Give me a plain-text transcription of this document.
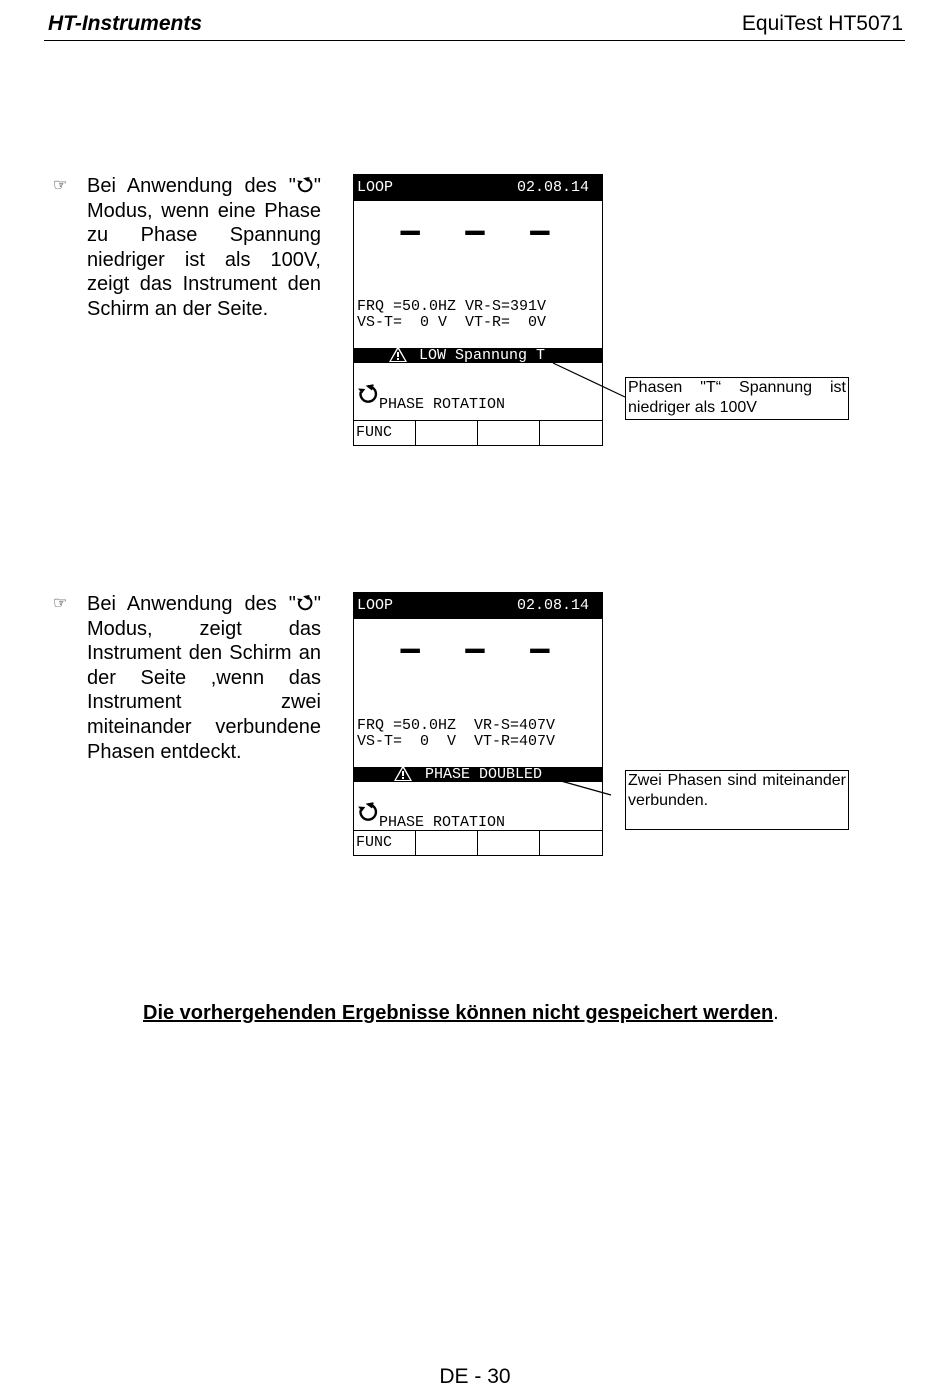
HT-Instruments	EquiTest HT5071
☞ Bei Anwendung des " " Modus, wenn eine Phase zu Phase Spannung niedriger ist als 100V, zeigt das Instrument den Schirm an der Seite.
LOOP	02.08.14
– – –
FRQ =50.0HZ VR-S=391V
VS-T=  0 V  VT-R=  0V
LOW Spannung T
PHASE ROTATION
FUNC
Phasen "T“ Spannung ist niedriger als 100V
☞ Bei Anwendung des " " Modus, zeigt das Instrument den Schirm an der Seite ,wenn das Instrument zwei miteinander verbundene Phasen entdeckt.
LOOP	02.08.14
– – –
FRQ =50.0HZ  VR-S=407V
VS-T=  0  V  VT-R=407V
PHASE DOUBLED
PHASE ROTATION
FUNC
Zwei Phasen sind miteinander verbunden.
Die vorhergehenden Ergebnisse können nicht gespeichert werden.
DE - 30
